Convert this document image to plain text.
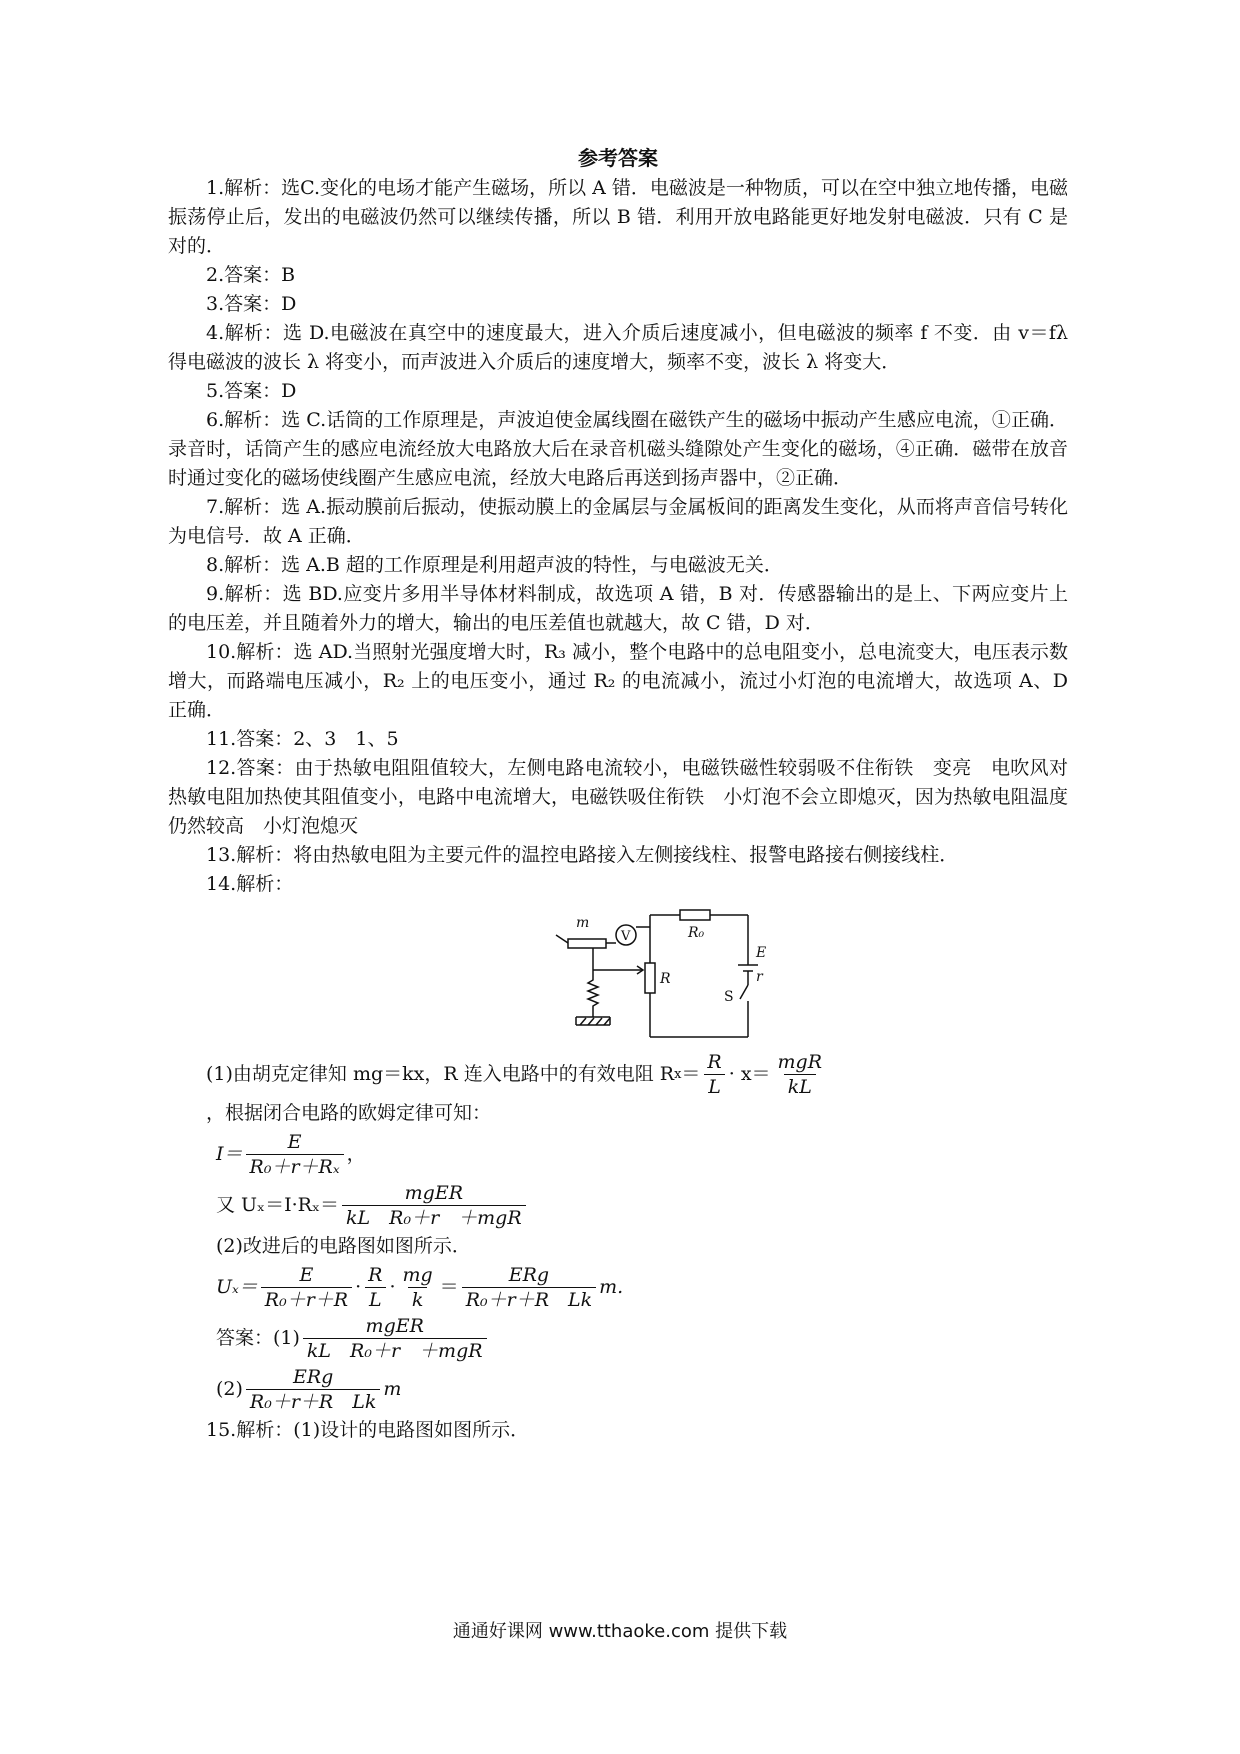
参考答案

1.解析：选C.变化的电场才能产生磁场，所以 A 错．电磁波是一种物质，可以在空中独立地传播，电磁振荡停止后，发出的电磁波仍然可以继续传播，所以 B 错．利用开放电路能更好地发射电磁波．只有 C 是对的．

2.答案：B

3.答案：D

4.解析：选 D.电磁波在真空中的速度最大，进入介质后速度减小，但电磁波的频率 f 不变．由 v＝fλ 得电磁波的波长 λ 将变小，而声波进入介质后的速度增大，频率不变，波长 λ 将变大．

5.答案：D

6.解析：选 C.话筒的工作原理是，声波迫使金属线圈在磁铁产生的磁场中振动产生感应电流，①正确．录音时，话筒产生的感应电流经放大电路放大后在录音机磁头缝隙处产生变化的磁场，④正确．磁带在放音时通过变化的磁场使线圈产生感应电流，经放大电路后再送到扬声器中，②正确．

7.解析：选 A.振动膜前后振动，使振动膜上的金属层与金属板间的距离发生变化，从而将声音信号转化为电信号．故 A 正确．

8.解析：选 A.B 超的工作原理是利用超声波的特性，与电磁波无关．

9.解析：选 BD.应变片多用半导体材料制成，故选项 A 错，B 对．传感器输出的是上、下两应变片上的电压差，并且随着外力的增大，输出的电压差值也就越大，故 C 错，D 对．

10.解析：选 AD.当照射光强度增大时，R₃ 减小，整个电路中的总电阻变小，总电流变大，电压表示数增大，而路端电压减小，R₂ 上的电压变小，通过 R₂ 的电流减小，流过小灯泡的电流增大，故选项 A、D 正确．

11.答案：2、3　1、5

12.答案：由于热敏电阻阻值较大，左侧电路电流较小，电磁铁磁性较弱吸不住衔铁　变亮　电吹风对热敏电阻加热使其阻值变小，电路中电流增大，电磁铁吸住衔铁　小灯泡不会立即熄灭，因为热敏电阻温度仍然较高　小灯泡熄灭

13.解析：将由热敏电阻为主要元件的温控电路接入左侧接线柱、报警电路接右侧接线柱．

14.解析：

m
V	R₀
E
r
S
R

(1)由胡克定律知 mg＝kx，R 连入电路中的有效电阻 R $x = \frac{R}{L} \cdot x= \frac{\text{mgR}}{kL}$
，根据闭合电路的欧姆定律可知：

$I= \frac{E}{\text{R₀＋r＋Rₓ}}$ ，
又 $U_x=I\cdot R_x= \frac{\text{mgER}}{\text{kL　R₀＋r　＋mgR}}$

(2)改进后的电路图如图所示．

$U_x= \frac{E}{\text{R₀＋r＋R}} \cdot \frac{R}{L} \cdot \frac{mg}{k} = \frac{\text{ERg}}{\text{R₀＋r＋R　Lk}} m$.
答案：$(1) \frac{\text{mgER}}{\text{kL　R₀＋r　＋mgR}}$
$(2) \frac{\text{ERg}}{\text{R₀＋r＋R　Lk}}$ m

15.解析：(1)设计的电路图如图所示．

通通好课网 www.tthaoke.com 提供下载
